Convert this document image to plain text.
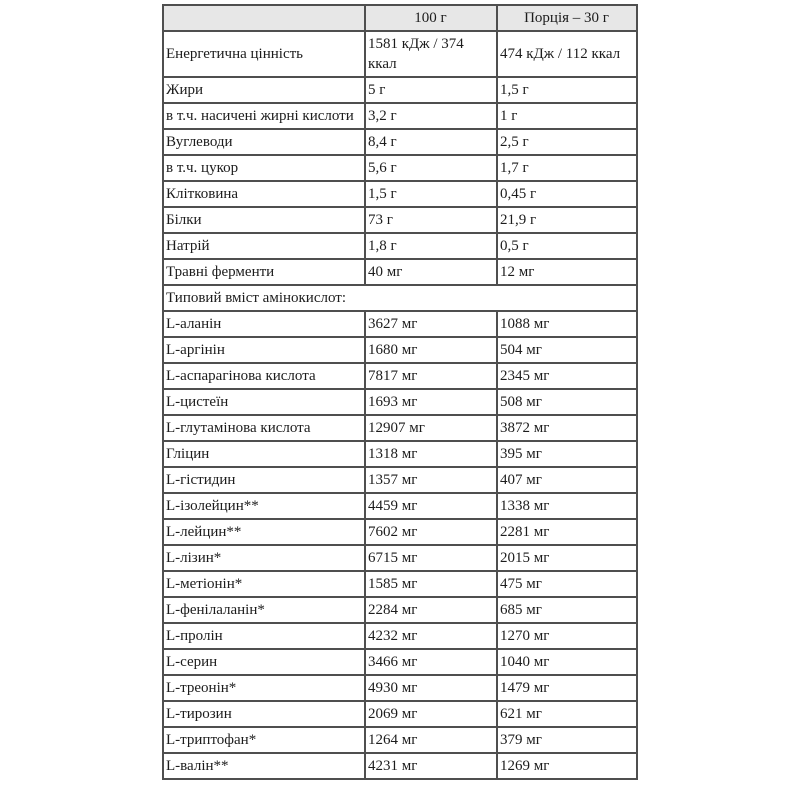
	100 г	Порція – 30 г
Енергетична цінність	1581 кДж / 374 ккал	474 кДж / 112 ккал
Жири	5 г	1,5 г
в т.ч. насичені жирні кислоти	3,2 г	1 г
Вуглеводи	8,4 г	2,5 г
в т.ч. цукор	5,6 г	1,7 г
Клітковина	1,5 г	0,45 г
Білки	73 г	21,9 г
Натрій	1,8 г	0,5 г
Травні ферменти	40 мг	12 мг
Типовий вміст амінокислот:		
L-аланін	3627 мг	1088 мг
L-аргінін	1680 мг	504 мг
L-аспарагінова кислота	7817 мг	2345 мг
L-цистеїн	1693 мг	508 мг
L-глутамінова кислота	12907 мг	3872 мг
Гліцин	1318 мг	395 мг
L-гістидин	1357 мг	407 мг
L-ізолейцин**	4459 мг	1338 мг
L-лейцин**	7602 мг	2281 мг
L-лізин*	6715 мг	2015 мг
L-метіонін*	1585 мг	475 мг
L-фенілаланін*	2284 мг	685 мг
L-пролін	4232 мг	1270 мг
L-серин	3466 мг	1040 мг
L-треонін*	4930 мг	1479 мг
L-тирозин	2069 мг	621 мг
L-триптофан*	1264 мг	379 мг
L-валін**	4231 мг	1269 мг
